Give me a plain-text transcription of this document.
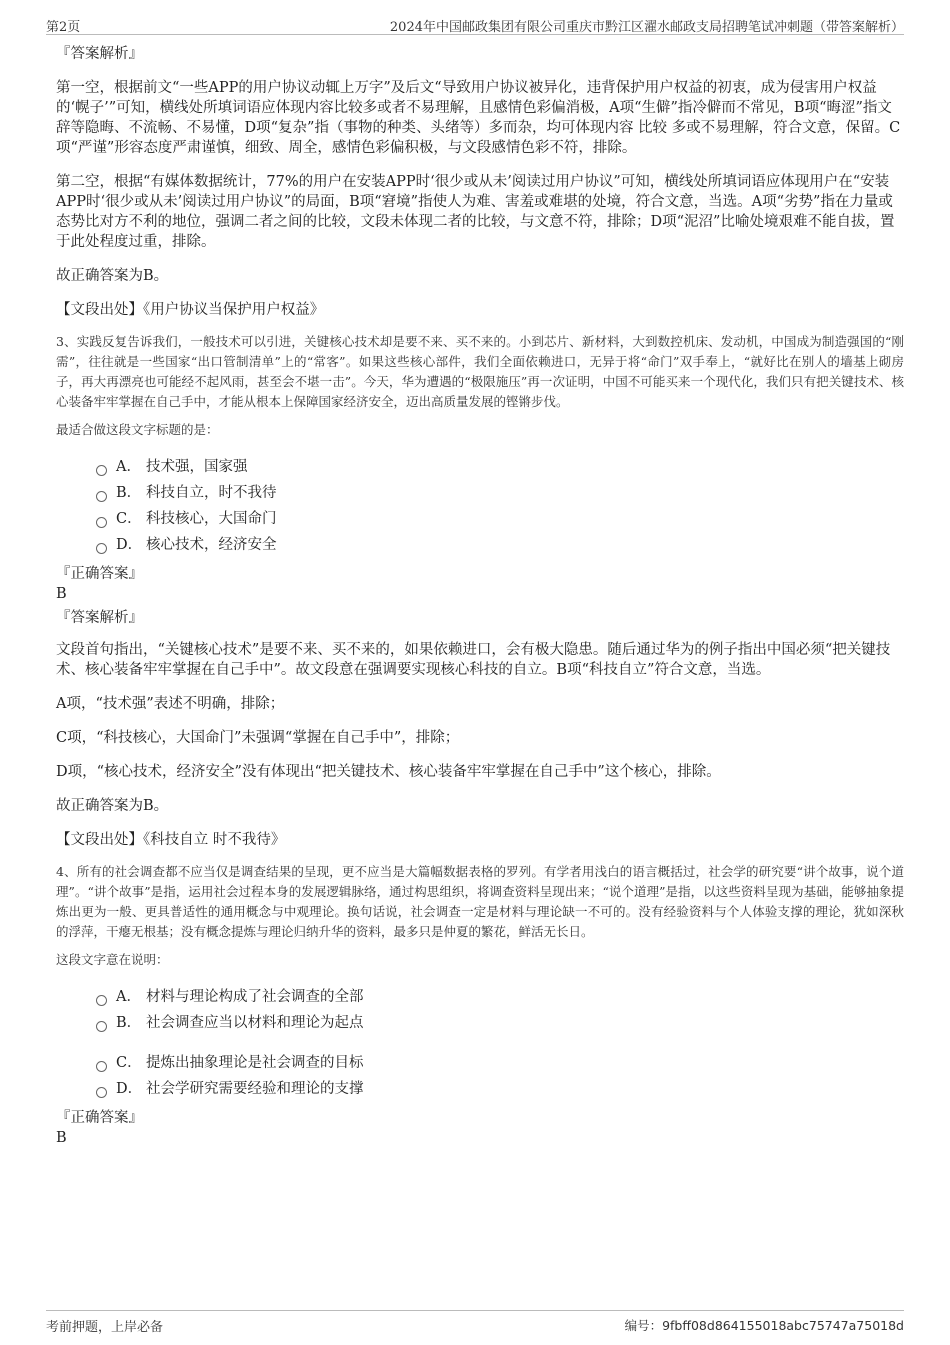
第2页	2024年中国邮政集团有限公司重庆市黔江区濯水邮政支局招聘笔试冲刺题（带答案解析）
『答案解析』

第一空，根据前文“一些APP的用户协议动辄上万字”及后文“导致用户协议被异化，违背保护用户权益的初衷，成为侵害用户权益的‘幌子’”可知，横线处所填词语应体现内容比较多或者不易理解，且感情色彩偏消极，A项“生僻”指冷僻而不常见，B项“晦涩”指文辞等隐晦、不流畅、不易懂，D项“复杂”指（事物的种类、头绪等）多而杂，均可体现内容 比较 多或不易理解，符合文意，保留。C项“严谨”形容态度严肃谨慎，细致、周全，感情色彩偏积极，与文段感情色彩不符，排除。

第二空，根据“有媒体数据统计，77%的用户在安装APP时‘很少或从未’阅读过用户协议”可知，横线处所填词语应体现用户在“安装APP时‘很少或从未’阅读过用户协议”的局面，B项“窘境”指使人为难、害羞或难堪的处境，符合文意，当选。A项“劣势”指在力量或态势比对方不利的地位，强调二者之间的比较，文段未体现二者的比较，与文意不符，排除；D项“泥沼”比喻处境艰难不能自拔，置于此处程度过重，排除。

故正确答案为B。

【文段出处】《用户协议当保护用户权益》
3、实践反复告诉我们，一般技术可以引进，关键核心技术却是要不来、买不来的。小到芯片、新材料，大到数控机床、发动机，中国成为制造强国的“刚需”，往往就是一些国家“出口管制清单”上的“常客”。如果这些核心部件，我们全面依赖进口，无异于将“命门”双手奉上，“就好比在别人的墙基上砌房子，再大再漂亮也可能经不起风雨，甚至会不堪一击”。今天，华为遭遇的“极限施压”再一次证明，中国不可能买来一个现代化，我们只有把关键技术、核心装备牢牢掌握在自己手中，才能从根本上保障国家经济安全，迈出高质量发展的铿锵步伐。
最适合做这段文字标题的是：
A． 技术强，国家强
B． 科技自立，时不我待
C． 科技核心，大国命门
D． 核心技术，经济安全
『正确答案』
B
『答案解析』

文段首句指出，“关键核心技术”是要不来、买不来的，如果依赖进口，会有极大隐患。随后通过华为的例子指出中国必须“把关键技术、核心装备牢牢掌握在自己手中”。故文段意在强调要实现核心科技的自立。B项“科技自立”符合文意，当选。

A项，“技术强”表述不明确，排除；

C项，“科技核心，大国命门”未强调“掌握在自己手中”，排除；

D项，“核心技术，经济安全”没有体现出“把关键技术、核心装备牢牢掌握在自己手中”这个核心，排除。

故正确答案为B。

【文段出处】《科技自立 时不我待》
4、所有的社会调查都不应当仅是调查结果的呈现，更不应当是大篇幅数据表格的罗列。有学者用浅白的语言概括过，社会学的研究要“讲个故事，说个道理”。“讲个故事”是指，运用社会过程本身的发展逻辑脉络，通过构思组织，将调查资料呈现出来；“说个道理”是指，以这些资料呈现为基础，能够抽象提炼出更为一般、更具普适性的通用概念与中观理论。换句话说，社会调查一定是材料与理论缺一不可的。没有经验资料与个人体验支撑的理论，犹如深秋的浮萍，干瘪无根基；没有概念提炼与理论归纳升华的资料，最多只是仲夏的繁花，鲜活无长日。
这段文字意在说明：
A． 材料与理论构成了社会调查的全部
B． 社会调查应当以材料和理论为起点
C． 提炼出抽象理论是社会调查的目标
D． 社会学研究需要经验和理论的支撑
『正确答案』
B
考前押题，上岸必备	编号：9fbff08d864155018abc75747a75018d
